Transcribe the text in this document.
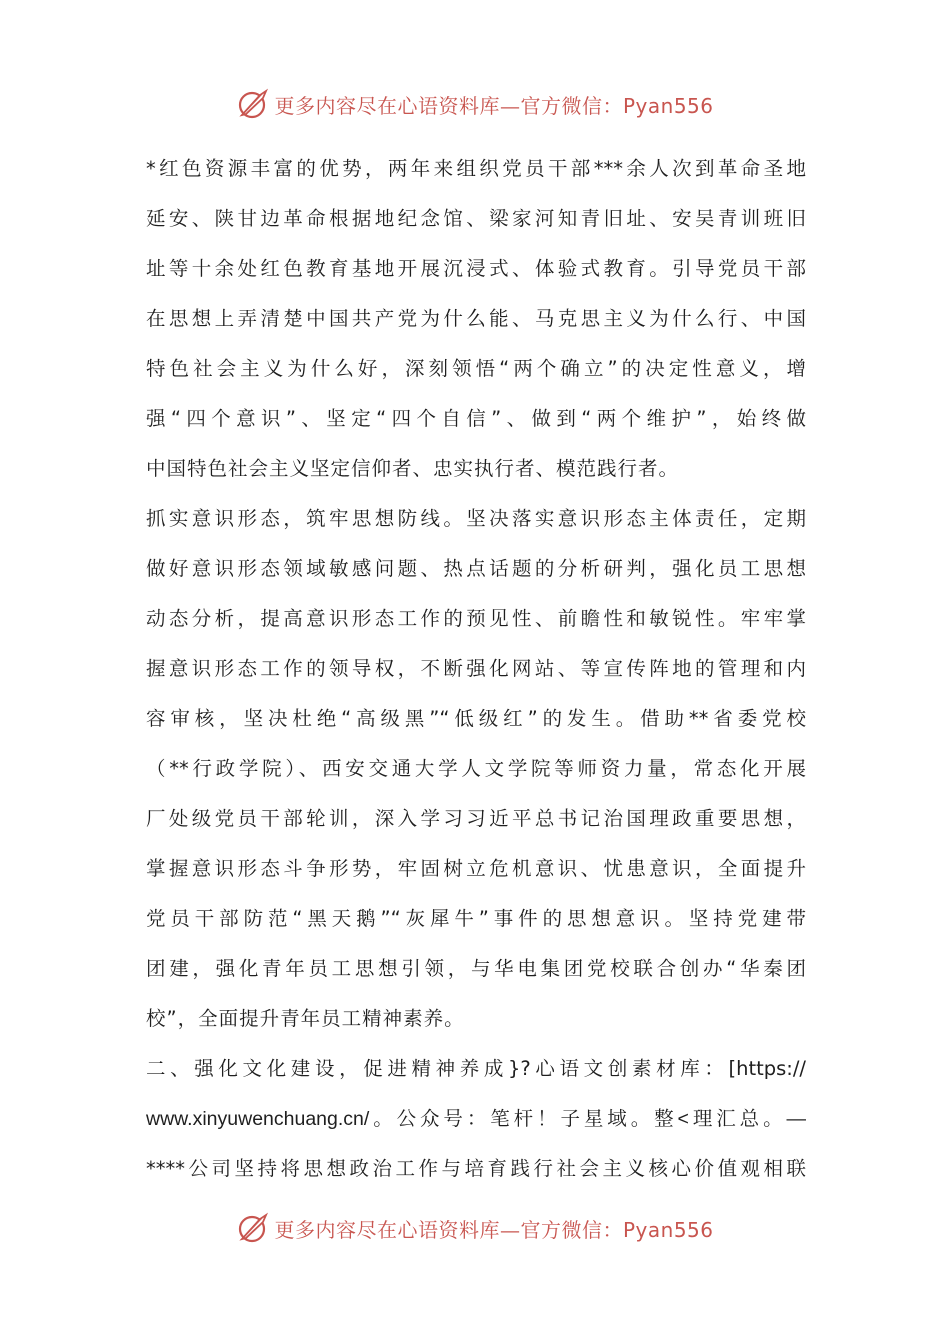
更多内容尽在心语资料库—官方微信：Pyan556
*红色资源丰富的优势，两年来组织党员干部***余人次到革命圣地
延安、陕甘边革命根据地纪念馆、梁家河知青旧址、安吴青训班旧
址等十余处红色教育基地开展沉浸式、体验式教育。引导党员干部
在思想上弄清楚中国共产党为什么能、马克思主义为什么行、中国
特色社会主义为什么好，深刻领悟“两个确立”的决定性意义，增
强“四个意识”、坚定“四个自信”、做到“两个维护”，始终做
中国特色社会主义坚定信仰者、忠实执行者、模范践行者。
抓实意识形态，筑牢思想防线。坚决落实意识形态主体责任，定期
做好意识形态领域敏感问题、热点话题的分析研判，强化员工思想
动态分析，提高意识形态工作的预见性、前瞻性和敏锐性。牢牢掌
握意识形态工作的领导权，不断强化网站、等宣传阵地的管理和内
容审核，坚决杜绝“高级黑”“低级红”的发生。借助**省委党校
（**行政学院）、西安交通大学人文学院等师资力量，常态化开展
厂处级党员干部轮训，深入学习习近平总书记治国理政重要思想，
掌握意识形态斗争形势，牢固树立危机意识、忧患意识，全面提升
党员干部防范“黑天鹅”“灰犀牛”事件的思想意识。坚持党建带
团建，强化青年员工思想引领，与华电集团党校联合创办“华秦团
校”，全面提升青年员工精神素养。
二、强化文化建设，促进精神养成}?心语文创素材库：[https://
www.xinyuwenchuang.cn/。公众号：笔杆！子星域。整<理汇总。—
****公司坚持将思想政治工作与培育践行社会主义核心价值观相联
更多内容尽在心语资料库—官方微信：Pyan556
